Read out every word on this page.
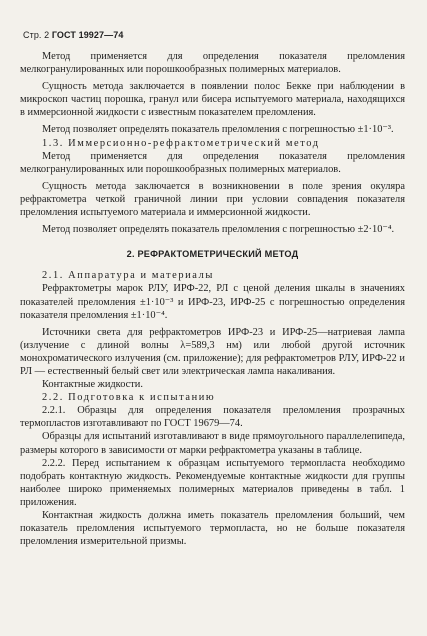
Стр. 2 ГОСТ 19927—74

Метод применяется для определения показателя преломления мелкогранулированных или порошкообразных полимерных материалов.

Сущность метода заключается в появлении полос Бекке при наблюдении в микроскоп частиц порошка, гранул или бисера испытуемого материала, находящихся в иммерсионной жидкости с известным показателем преломления.

Метод позволяет определять показатель преломления с погрешностью ±1·10⁻³.

1.3. Иммерсионно-рефрактометрический метод

Метод применяется для определения показателя преломления мелкогранулированных или порошкообразных полимерных материалов.

Сущность метода заключается в возникновении в поле зрения окуляра рефрактометра четкой граничной линии при условии совпадения показателя преломления испытуемого материала и иммерсионной жидкости.

Метод позволяет определять показатель преломления с погрешностью ±2·10⁻⁴.

2. РЕФРАКТОМЕТРИЧЕСКИЙ МЕТОД

2.1. Аппаратура и материалы

Рефрактометры марок РЛУ, ИРФ-22, РЛ с ценой деления шкалы в значениях показателей преломления ±1·10⁻³ и ИРФ-23, ИРФ-25 с погрешностью определения показателя преломления ±1·10⁻⁴.

Источники света для рефрактометров ИРФ-23 и ИРФ-25—натриевая лампа (излучение с длиной волны λ=589,3 нм) или любой другой источник монохроматического излучения (см. приложение); для рефрактометров РЛУ, ИРФ-22 и РЛ — естественный белый свет или электрическая лампа накаливания.

Контактные жидкости.

2.2. Подготовка к испытанию

2.2.1. Образцы для определения показателя преломления прозрачных термопластов изготавливают по ГОСТ 19679—74.

Образцы для испытаний изготавливают в виде прямоугольного параллелепипеда, размеры которого в зависимости от марки рефрактометра указаны в таблице.

2.2.2. Перед испытанием к образцам испытуемого термопласта необходимо подобрать контактную жидкость. Рекомендуемые контактные жидкости для группы наиболее широко применяемых полимерных материалов приведены в табл. 1 приложения.

Контактная жидкость должна иметь показатель преломления больший, чем показатель преломления испытуемого термопласта, но не больше показателя преломления измерительной призмы.
